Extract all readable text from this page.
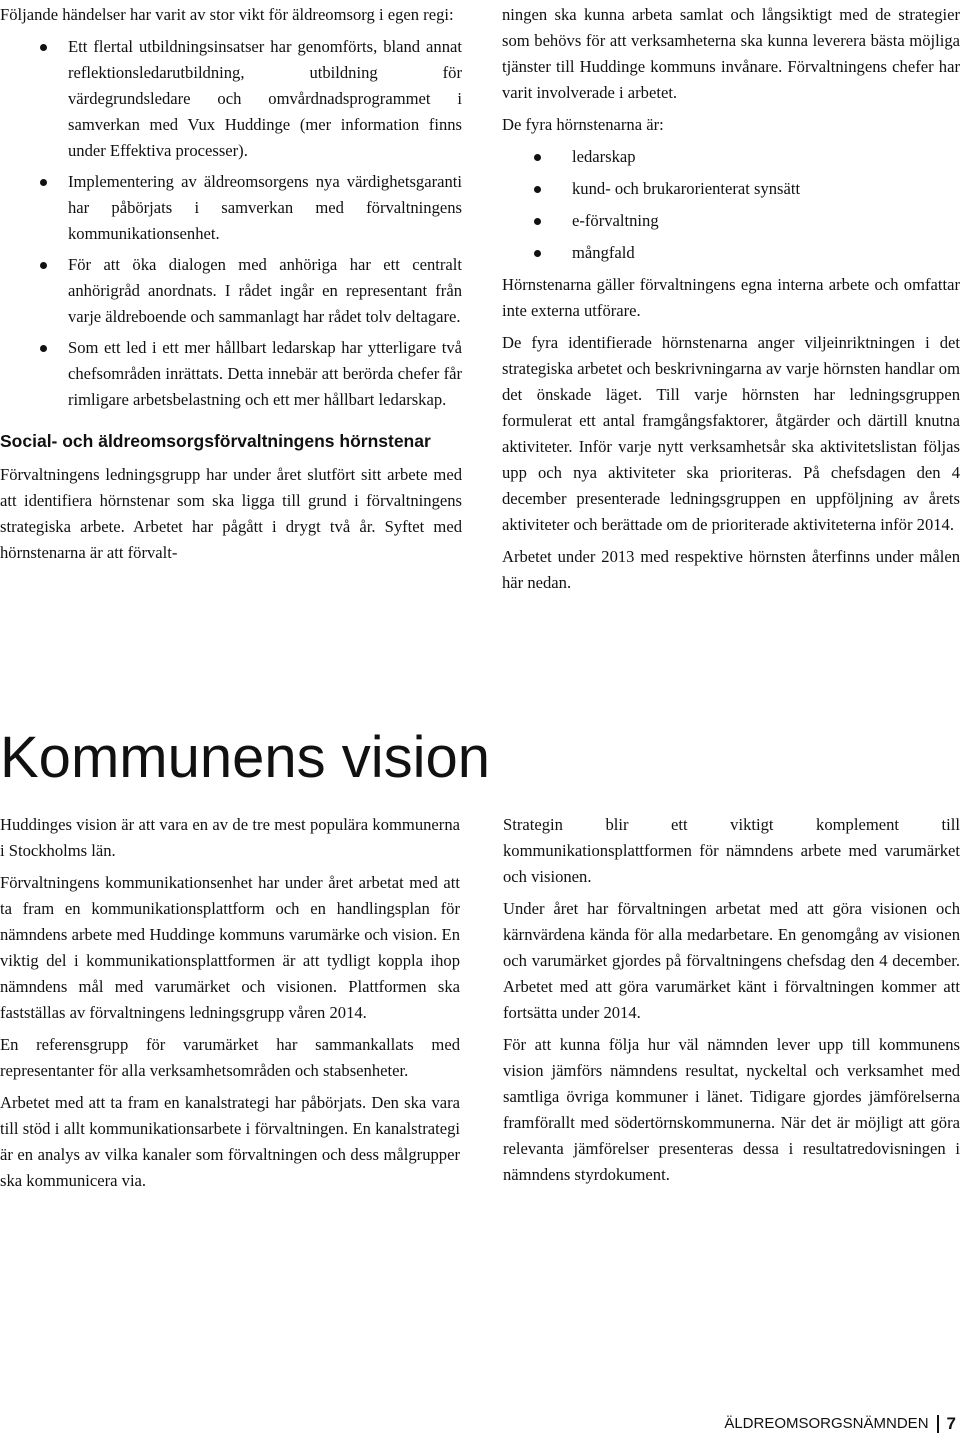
Följande händelser har varit av stor vikt för äldreomsorg i egen regi:

Ett flertal utbildningsinsatser har genomförts, bland annat reflektionsledarutbildning, utbildning för värdegrundsledare och omvårdnadsprogrammet i samverkan med Vux Huddinge (mer information finns under Effektiva processer).
Implementering av äldreomsorgens nya värdighetsgaranti har påbörjats i samverkan med förvaltningens kommunikationsenhet.
För att öka dialogen med anhöriga har ett centralt anhörigråd anordnats. I rådet ingår en representant från varje äldreboende och sammanlagt har rådet tolv deltagare.
Som ett led i ett mer hållbart ledarskap har ytterligare två chefsområden inrättats. Detta innebär att berörda chefer får rimligare arbetsbelastning och ett mer hållbart ledarskap.
Social- och äldreomsorgsförvaltningens hörnstenar

Förvaltningens ledningsgrupp har under året slutfört sitt arbete med att identifiera hörnstenar som ska ligga till grund i förvaltningens strategiska arbete. Arbetet har pågått i drygt två år. Syftet med hörnstenarna är att förvalt-

ningen ska kunna arbeta samlat och långsiktigt med de strategier som behövs för att verksamheterna ska kunna leverera bästa möjliga tjänster till Huddinge kommuns invånare. Förvaltningens chefer har varit involverade i arbetet.

De fyra hörnstenarna är:

ledarskap
kund- och brukarorienterat synsätt
e-förvaltning
mångfald

Hörnstenarna gäller förvaltningens egna interna arbete och omfattar inte externa utförare.

De fyra identifierade hörnstenarna anger viljeinriktningen i det strategiska arbetet och beskrivningarna av varje hörnsten handlar om det önskade läget. Till varje hörnsten har ledningsgruppen formulerat ett antal framgångsfaktorer, åtgärder och därtill knutna aktiviteter. Inför varje nytt verksamhetsår ska aktivitetslistan följas upp och nya aktiviteter ska prioriteras. På chefsdagen den 4 december presenterade ledningsgruppen en uppföljning av årets aktiviteter och berättade om de prioriterade aktiviteterna inför 2014.

Arbetet under 2013 med respektive hörnsten återfinns under målen här nedan.

Kommunens vision

Huddinges vision är att vara en av de tre mest populära kommunerna i Stockholms län.

Förvaltningens kommunikationsenhet har under året arbetat med att ta fram en kommunikationsplattform och en handlingsplan för nämndens arbete med Huddinge kommuns varumärke och vision. En viktig del i kommunikationsplattformen är att tydligt koppla ihop nämndens mål med varumärket och visionen. Plattformen ska fastställas av förvaltningens ledningsgrupp våren 2014.

En referensgrupp för varumärket har sammankallats med representanter för alla verksamhetsområden och stabsenheter.

Arbetet med att ta fram en kanalstrategi har påbörjats. Den ska vara till stöd i allt kommunikationsarbete i förvaltningen. En kanalstrategi är en analys av vilka kanaler som förvaltningen och dess målgrupper ska kommunicera via.

Strategin blir ett viktigt komplement till kommunikationsplattformen för nämndens arbete med varumärket och visionen.

Under året har förvaltningen arbetat med att göra visionen och kärnvärdena kända för alla medarbetare. En genomgång av visionen och varumärket gjordes på förvaltningens chefsdag den 4 december. Arbetet med att göra varumärket känt i förvaltningen kommer att fortsätta under 2014.

För att kunna följa hur väl nämnden lever upp till kommunens vision jämförs nämndens resultat, nyckeltal och verksamhet med samtliga övriga kommuner i länet. Tidigare gjordes jämförelserna framförallt med södertörnskommunerna. När det är möjligt att göra relevanta jämförelser presenteras dessa i resultatredovisningen i nämndens styrdokument.

ÄLDREOMSORGSNÄMNDEN 7
